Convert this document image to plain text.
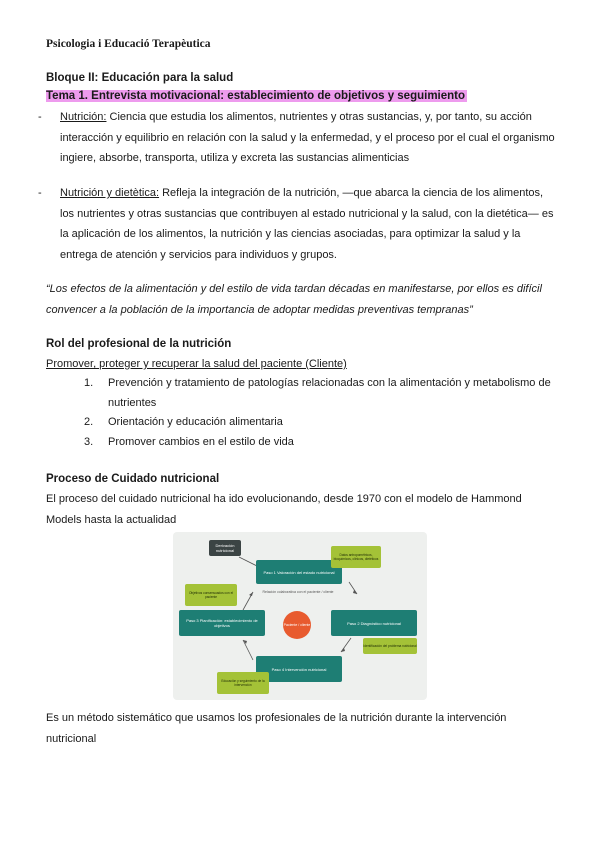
Psicologia i Educació Terapèutica
Bloque II: Educación para la salud
Tema 1. Entrevista motivacional: establecimiento de objetivos y seguimiento
- Nutrición: Ciencia que estudia los alimentos, nutrientes y otras sustancias, y, por tanto, su acción
interacción y equilibrio en relación con la salud y la enfermedad, y el proceso por el cual el organismo
ingiere, absorbe, transporta, utiliza y excreta las sustancias alimenticias
- Nutrición y dietètica: Refleja la integración de la nutrición, —que abarca la ciencia de los alimentos,
los nutrientes y otras sustancias que contribuyen al estado nutricional y la salud, con la dietética— es
la aplicación de los alimentos, la nutrición y las ciencias asociadas, para optimizar la salud y la
entrega de atención y servicios para individuos y grupos.
“Los efectos de la alimentación y del estilo de vida tardan décadas en manifestarse, por ellos es difícil
convencer a la población de la importancia de adoptar medidas preventivas tempranas”
Rol del profesional de la nutrición
Promover, proteger y recuperar la salud del paciente (Cliente)
1.	Prevención y tratamiento de patologías relacionadas con la alimentación y metabolismo de
nutrientes
2.	Orientación y educación alimentaria
3.	Promover cambios en el estilo de vida
Proceso de Cuidado nutricional
El proceso del cuidado nutricional ha ido evolucionando, desde 1970 con el modelo de Hammond
Models hasta la actualidad
Derivación nutricional
Paso 1 Valoración del estado nutricional
Paso 2 Diagnóstico nutricional
Paso 3 Planificación: establecimiento de objetivos
Paso 4 Intervención nutricional
Relación colaborativa con el paciente / cliente
Paciente / cliente
Datos antropométricos, bioquímicos, clínicos, dietéticos
Identificación del problema nutricional
Objetivos consensuados con el paciente
Educación y seguimiento de la intervención
Es un método sistemático que usamos los profesionales de la nutrición durante la intervención
nutricional
